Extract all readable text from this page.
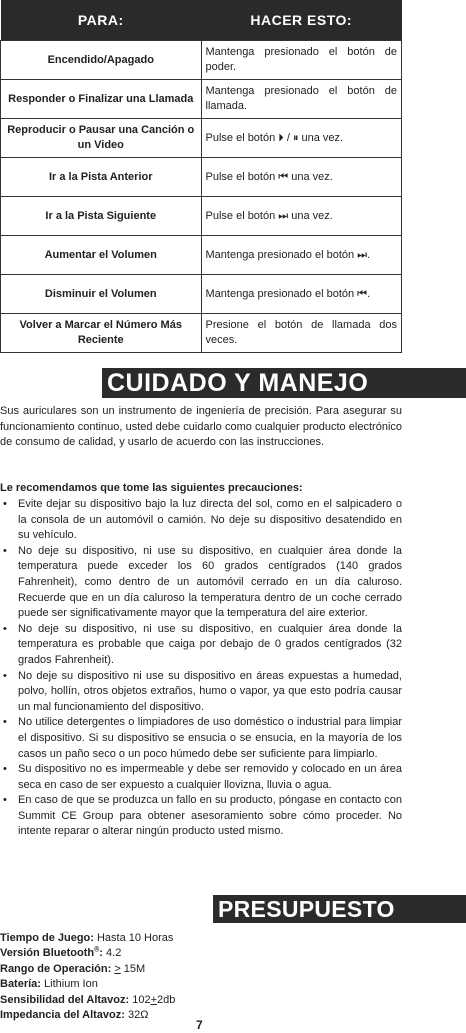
PARA:	HACER ESTO:
Encendido/Apagado	Mantenga presionado el botón de poder.
Responder o Finalizar una Llamada	Mantenga presionado el botón de llamada.
Reproducir o Pausar una Canción o un Video	Pulse el botón ⏵ / ⏸ una vez.
Ir a la Pista Anterior	Pulse el botón ⏮ una vez.
Ir a la Pista Siguiente	Pulse el botón ⏭ una vez.
Aumentar el Volumen	Mantenga presionado el botón ⏭.
Disminuir el Volumen	Mantenga presionado el botón ⏮.
Volver a Marcar el Número Más Reciente	Presione el botón de llamada dos veces.
CUIDADO Y MANEJO
Sus auriculares son un instrumento de ingeniería de precisión. Para asegurar su funcionamiento continuo, usted debe cuidarlo como cualquier producto electrónico de consumo de calidad, y usarlo de acuerdo con las instrucciones.
Le recomendamos que tome las siguientes precauciones:
• Evite dejar su dispositivo bajo la luz directa del sol, como en el salpicadero o la consola de un automóvil o camión. No deje su dispositivo desatendido en su vehículo.
• No deje su dispositivo, ni use su dispositivo, en cualquier área donde la temperatura puede exceder los 60 grados centígrados (140 grados Fahrenheit), como dentro de un automóvil cerrado en un día caluroso. Recuerde que en un día caluroso la temperatura dentro de un coche cerrado puede ser significativamente mayor que la temperatura del aire exterior.
• No deje su dispositivo, ni use su dispositivo, en cualquier área donde la temperatura es probable que caiga por debajo de 0 grados centígrados (32 grados Fahrenheit).
• No deje su dispositivo ni use su dispositivo en áreas expuestas a humedad, polvo, hollín, otros objetos extraños, humo o vapor, ya que esto podría causar un mal funcionamiento del dispositivo.
• No utilice detergentes o limpiadores de uso doméstico o industrial para limpiar el dispositivo. Si su dispositivo se ensucia o se ensucia, en la mayoría de los casos un paño seco o un poco húmedo debe ser suficiente para limpiarlo.
• Su dispositivo no es impermeable y debe ser removido y colocado en un área seca en caso de ser expuesto a cualquier llovizna, lluvia o agua.
• En caso de que se produzca un fallo en su producto, póngase en contacto con Summit CE Group para obtener asesoramiento sobre cómo proceder. No intente reparar o alterar ningún producto usted mismo.
PRESUPUESTO
Tiempo de Juego: Hasta 10 Horas
Versión Bluetooth®: 4.2
Rango de Operación: > 15M
Batería: Lithium Ion
Sensibilidad del Altavoz: 102+2db
Impedancia del Altavoz: 32Ω
7
